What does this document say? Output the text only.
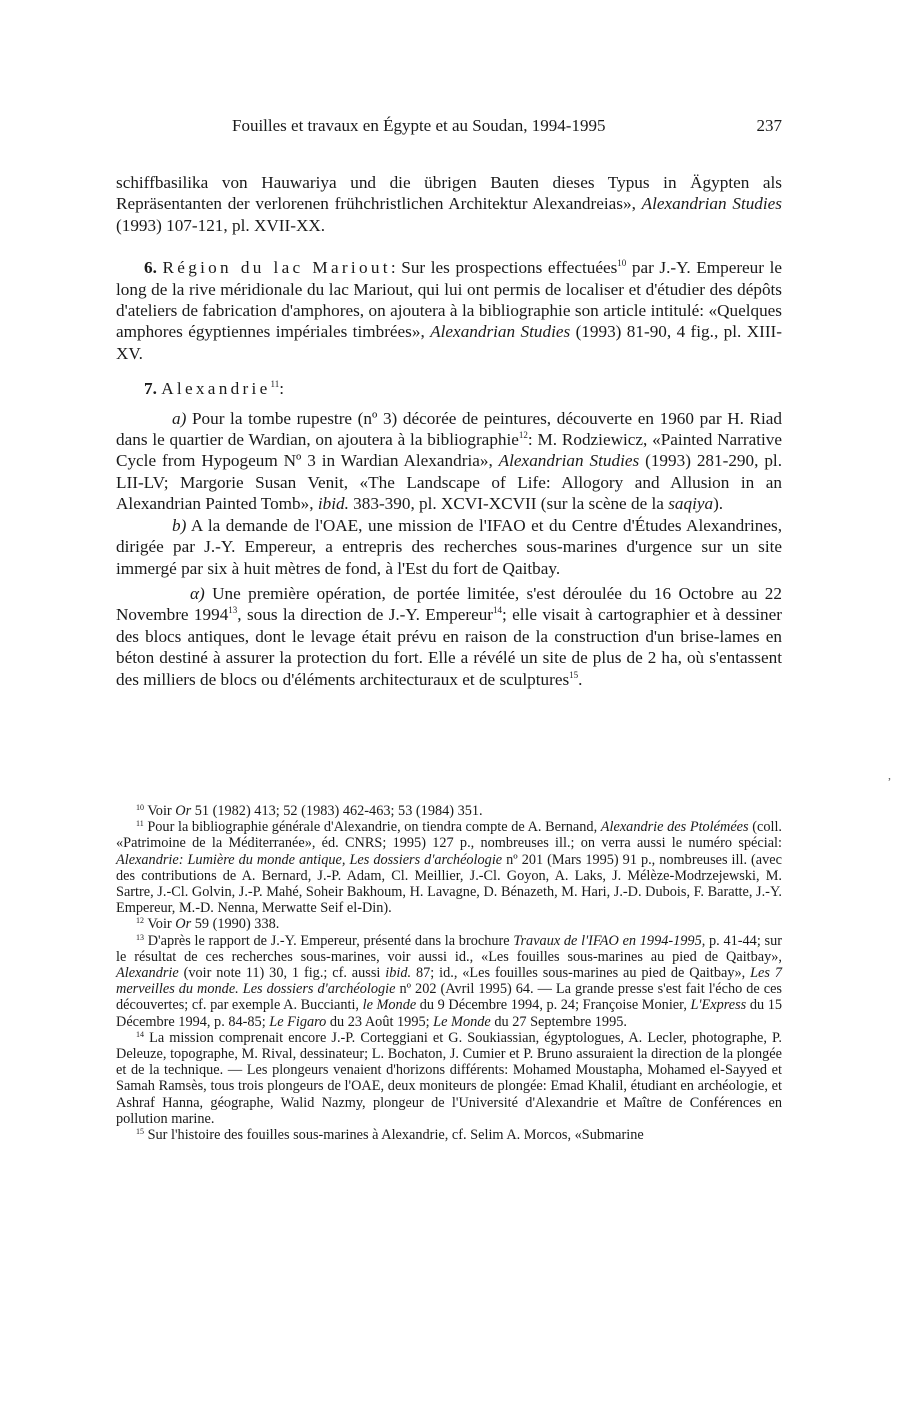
Fouilles et travaux en Égypte et au Soudan, 1994-1995	237

schiffbasilika von Hauwariya und die übrigen Bauten dieses Typus in Ägypten als Repräsentanten der verlorenen frühchristlichen Architektur Alexandreias», Alexandrian Studies (1993) 107-121, pl. XVII-XX.

6. Région du lac Mariout: Sur les prospections effectuées$^{10}$ par J.-Y. Empereur le long de la rive méridionale du lac Mariout, qui lui ont permis de localiser et d'étudier des dépôts d'ateliers de fabrication d'amphores, on ajoutera à la bibliographie son article intitulé: «Quelques amphores égyptiennes impériales timbrées», Alexandrian Studies (1993) 81-90, 4 fig., pl. XIII-XV.

7. Alexandrie$^{11}$:

a) Pour la tombe rupestre (nº 3) décorée de peintures, découverte en 1960 par H. Riad dans le quartier de Wardian, on ajoutera à la bibliographie$^{12}$: M. Rodziewicz, «Painted Narrative Cycle from Hypogeum Nº 3 in Wardian Alexandria», Alexandrian Studies (1993) 281-290, pl. LII-LV; Margorie Susan Venit, «The Landscape of Life: Allogory and Allusion in an Alexandrian Painted Tomb», ibid. 383-390, pl. XCVI-XCVII (sur la scène de la saqiya).

b) A la demande de l'OAE, une mission de l'IFAO et du Centre d'Études Alexandrines, dirigée par J.-Y. Empereur, a entrepris des recherches sous-marines d'urgence sur un site immergé par six à huit mètres de fond, à l'Est du fort de Qaitbay.

α) Une première opération, de portée limitée, s'est déroulée du 16 Octobre au 22 Novembre 1994$^{13}$, sous la direction de J.-Y. Empereur$^{14}$; elle visait à cartographier et à dessiner des blocs antiques, dont le levage était prévu en raison de la construction d'un brise-lames en béton destiné à assurer la protection du fort. Elle a révélé un site de plus de 2 ha, où s'entassent des milliers de blocs ou d'éléments architecturaux et de sculptures$^{15}$.

,

$^{10}$ Voir Or 51 (1982) 413; 52 (1983) 462-463; 53 (1984) 351.

$^{11}$ Pour la bibliographie générale d'Alexandrie, on tiendra compte de A. Bernand, Alexandrie des Ptolémées (coll. «Patrimoine de la Méditerranée», éd. CNRS; 1995) 127 p., nombreuses ill.; on verra aussi le numéro spécial: Alexandrie: Lumière du monde antique, Les dossiers d'archéologie nº 201 (Mars 1995) 91 p., nombreuses ill. (avec des contributions de A. Bernard, J.-P. Adam, Cl. Meillier, J.-Cl. Goyon, A. Laks, J. Mélèze-Modrzejewski, M. Sartre, J.-Cl. Golvin, J.-P. Mahé, Soheir Bakhoum, H. Lavagne, D. Bénazeth, M. Hari, J.-D. Dubois, F. Baratte, J.-Y. Empereur, M.-D. Nenna, Merwatte Seif el-Din).

$^{12}$ Voir Or 59 (1990) 338.

$^{13}$ D'après le rapport de J.-Y. Empereur, présenté dans la brochure Travaux de l'IFAO en 1994-1995, p. 41-44; sur le résultat de ces recherches sous-marines, voir aussi id., «Les fouilles sous-marines au pied de Qaitbay», Alexandrie (voir note 11) 30, 1 fig.; cf. aussi ibid. 87; id., «Les fouilles sous-marines au pied de Qaitbay», Les 7 merveilles du monde. Les dossiers d'archéologie nº 202 (Avril 1995) 64. — La grande presse s'est fait l'écho de ces découvertes; cf. par exemple A. Buccianti, le Monde du 9 Décembre 1994, p. 24; Françoise Monier, L'Express du 15 Décembre 1994, p. 84-85; Le Figaro du 23 Août 1995; Le Monde du 27 Septembre 1995.

$^{14}$ La mission comprenait encore J.-P. Corteggiani et G. Soukiassian, égyptologues, A. Lecler, photographe, P. Deleuze, topographe, M. Rival, dessinateur; L. Bochaton, J. Cumier et P. Bruno assuraient la direction de la plongée et de la technique. — Les plongeurs venaient d'horizons différents: Mohamed Moustapha, Mohamed el-Sayyed et Samah Ramsès, tous trois plongeurs de l'OAE, deux moniteurs de plongée: Emad Khalil, étudiant en archéologie, et Ashraf Hanna, géographe, Walid Nazmy, plongeur de l'Université d'Alexandrie et Maître de Conférences en pollution marine.

$^{15}$ Sur l'histoire des fouilles sous-marines à Alexandrie, cf. Selim A. Morcos, «Submarine
